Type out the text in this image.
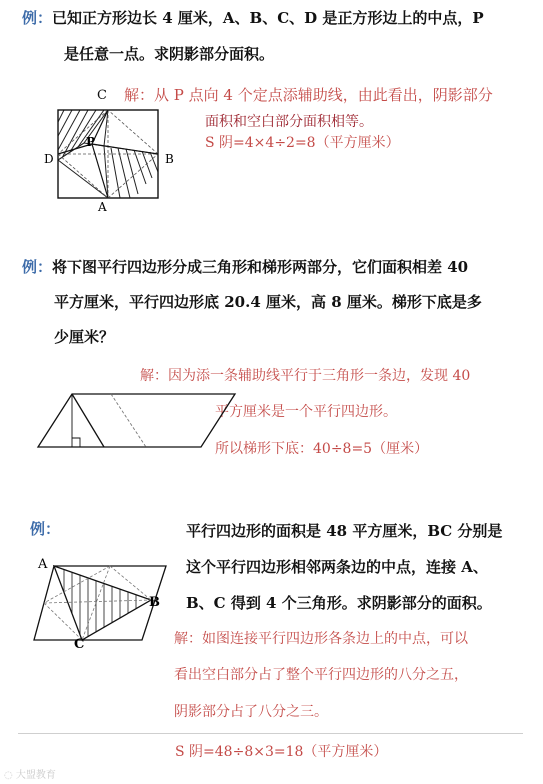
例：已知正方形边长 4 厘米，A、B、C、D 是正方形边上的中点，P
是任意一点。求阴影部分面积。
C 解：从 P 点向 4 个定点添辅助线，由此看出，阴影部分
面积和空白部分面积相等。
S 阴=4×4÷2=8（平方厘米）
P
D	B
A
例：将下图平行四边形分成三角形和梯形两部分，它们面积相差 40
平方厘米，平行四边形底 20.4 厘米，高 8 厘米。梯形下底是多
少厘米？
解：因为添一条辅助线平行于三角形一条边，发现 40
平方厘米是一个平行四边形。
所以梯形下底：40÷8=5（厘米）
例：	平行四边形的面积是 48 平方厘米，BC 分别是
这个平行四边形相邻两条边的中点，连接 A、
B、C 得到 4 个三角形。求阴影部分的面积。
解：如图连接平行四边形各条边上的中点，可以
看出空白部分占了整个平行四边形的八分之五，
阴影部分占了八分之三。
A
B
C
S 阴=48÷8×3=18（平方厘米）
◌ 大盟教育
